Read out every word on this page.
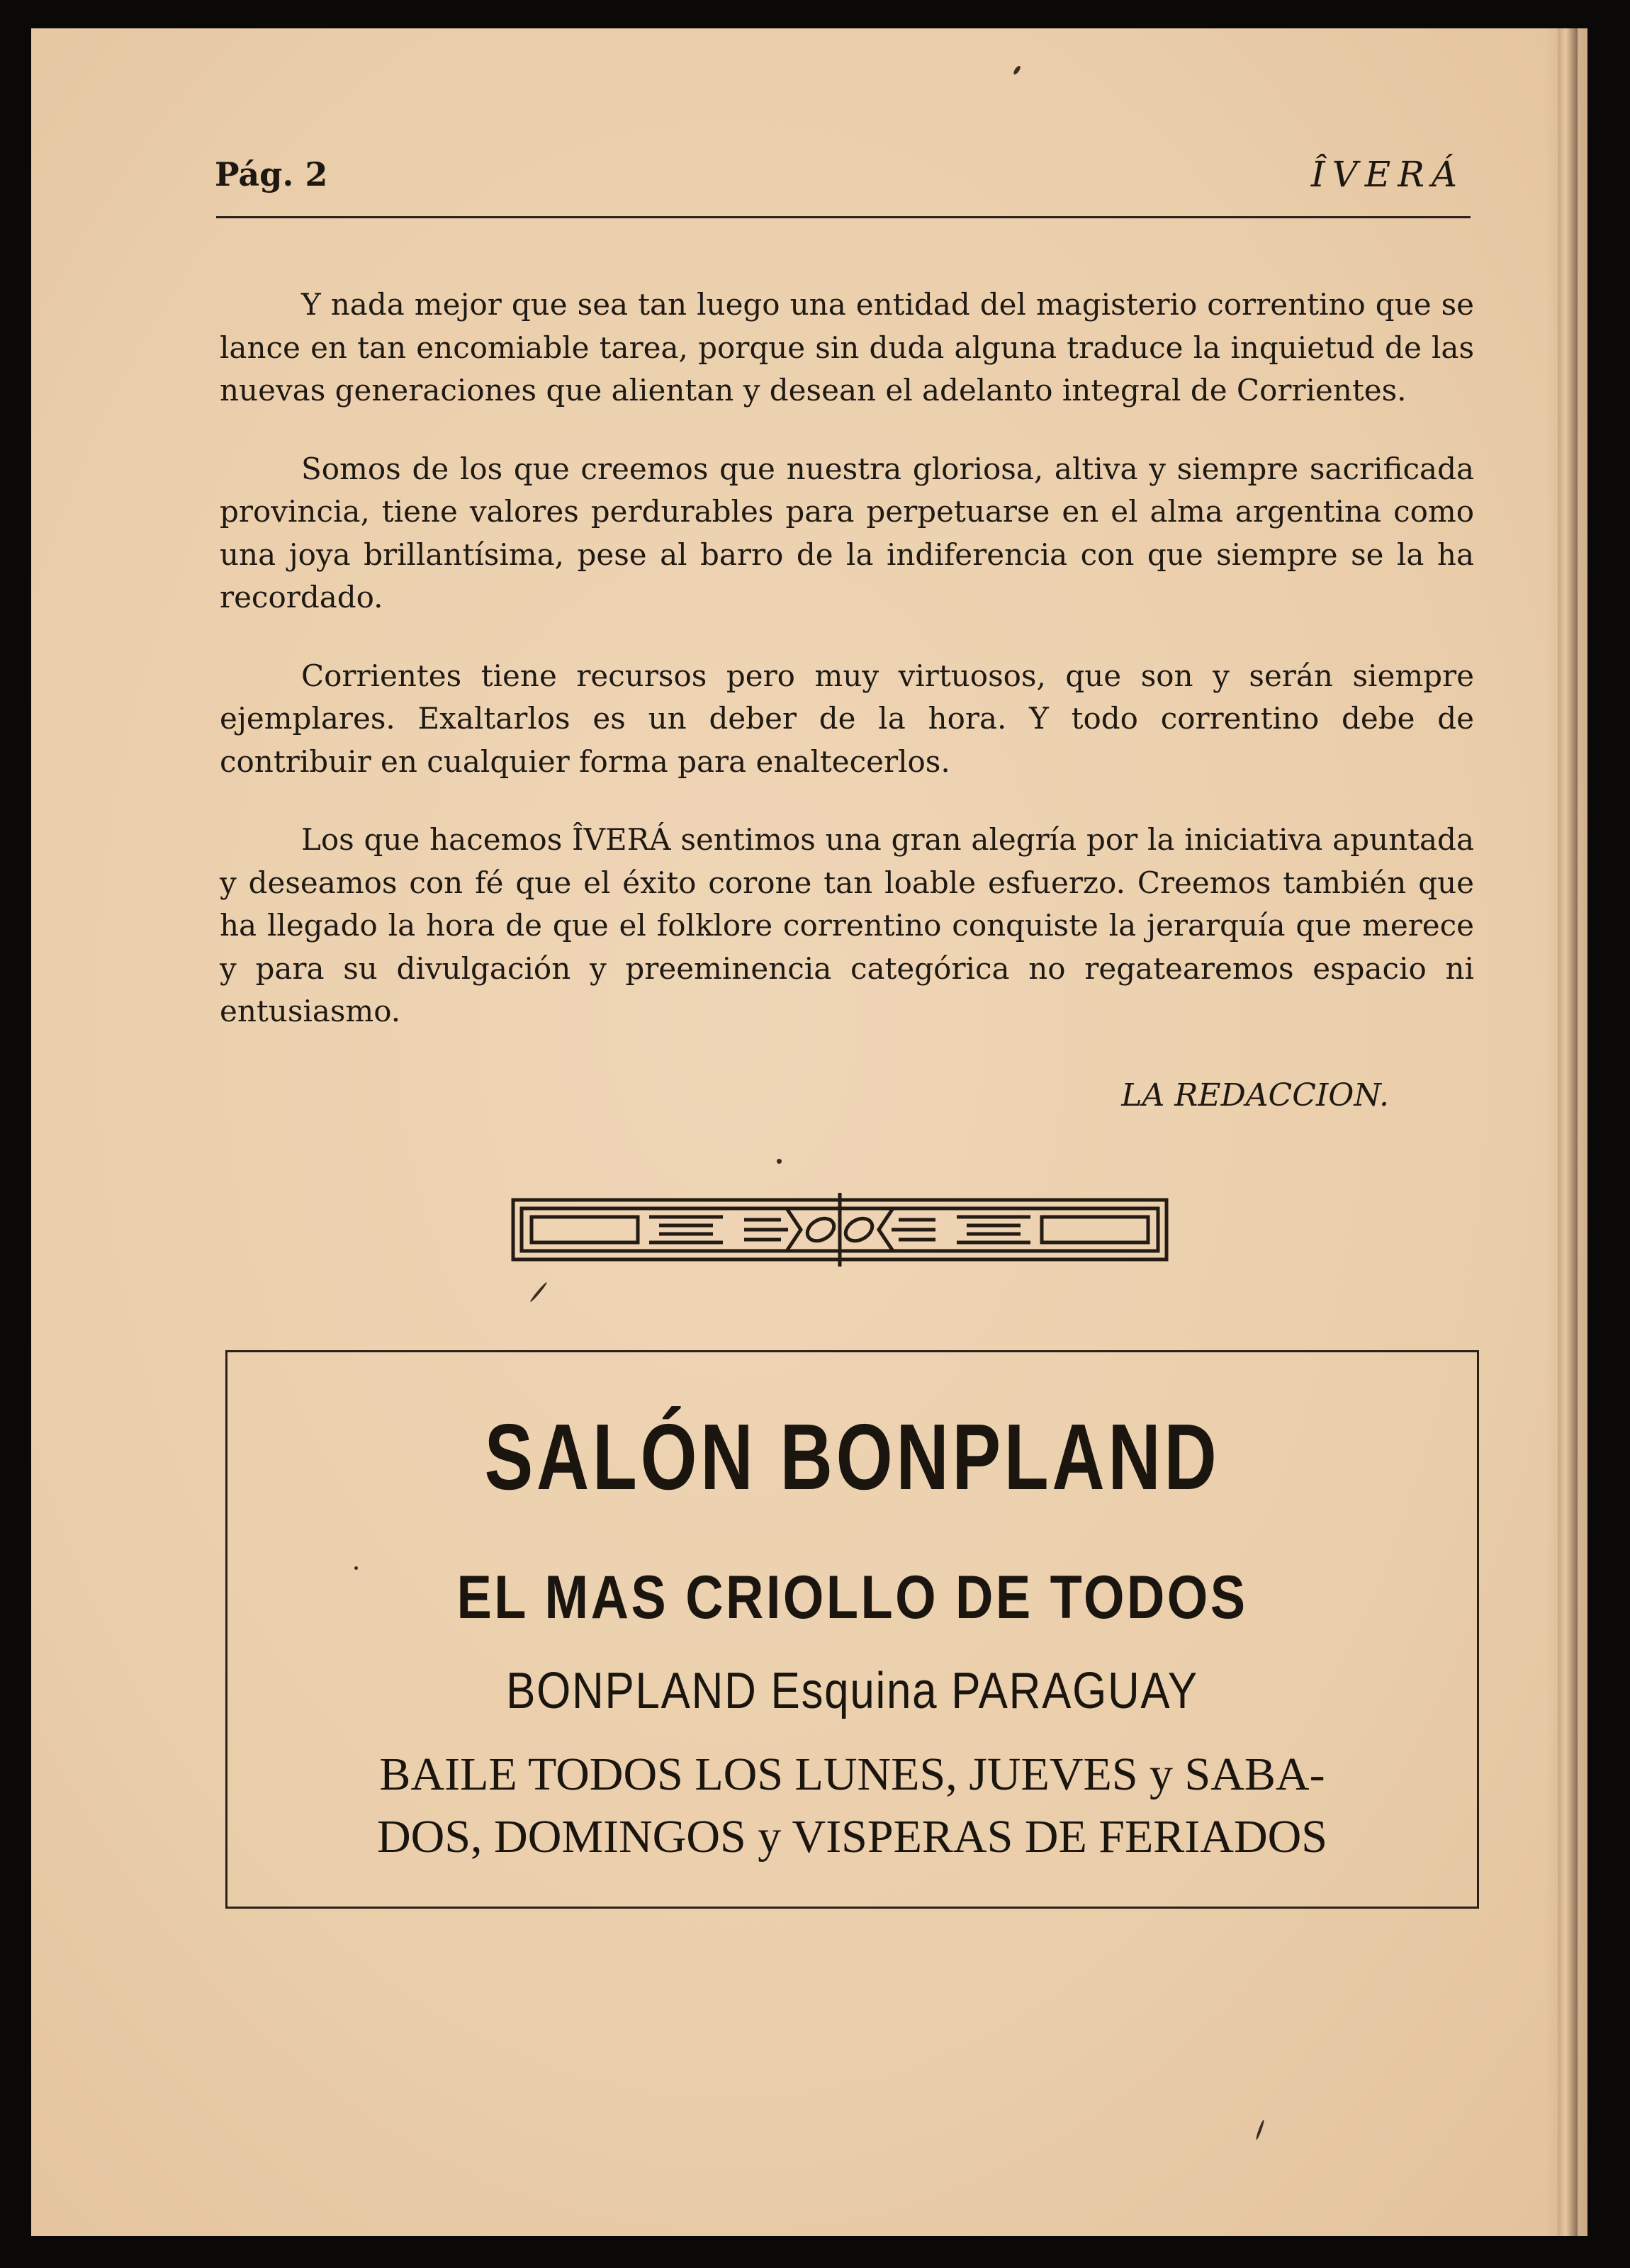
Pág. 2	ÎVERÁ

Y nada mejor que sea tan luego una entidad del magisterio correntino que se lance en tan encomiable tarea, porque sin duda alguna traduce la inquietud de las nuevas generaciones que alientan y desean el adelanto integral de Corrientes.

Somos de los que creemos que nuestra gloriosa, altiva y siempre sacrificada provincia, tiene valores perdurables para perpetuarse en el alma argentina como una joya brillantísima, pese al barro de la indiferencia con que siempre se la ha recordado.

Corrientes tiene recursos pero muy virtuosos, que son y serán siempre ejemplares. Exaltarlos es un deber de la hora. Y todo correntino debe de contribuir en cualquier forma para enaltecerlos.

Los que hacemos ÎVERÁ sentimos una gran alegría por la iniciativa apuntada y deseamos con fé que el éxito corone tan loable esfuerzo. Creemos también que ha llegado la hora de que el folklore correntino conquiste la jerarquía que merece y para su divulgación y preeminencia categórica no regatearemos espacio ni entusiasmo.

LA REDACCION.
SALÓN BONPLAND
EL MAS CRIOLLO DE TODOS
BONPLAND Esquina PARAGUAY
BAILE TODOS LOS LUNES, JUEVES y SABA-
DOS, DOMINGOS y VISPERAS DE FERIADOS
